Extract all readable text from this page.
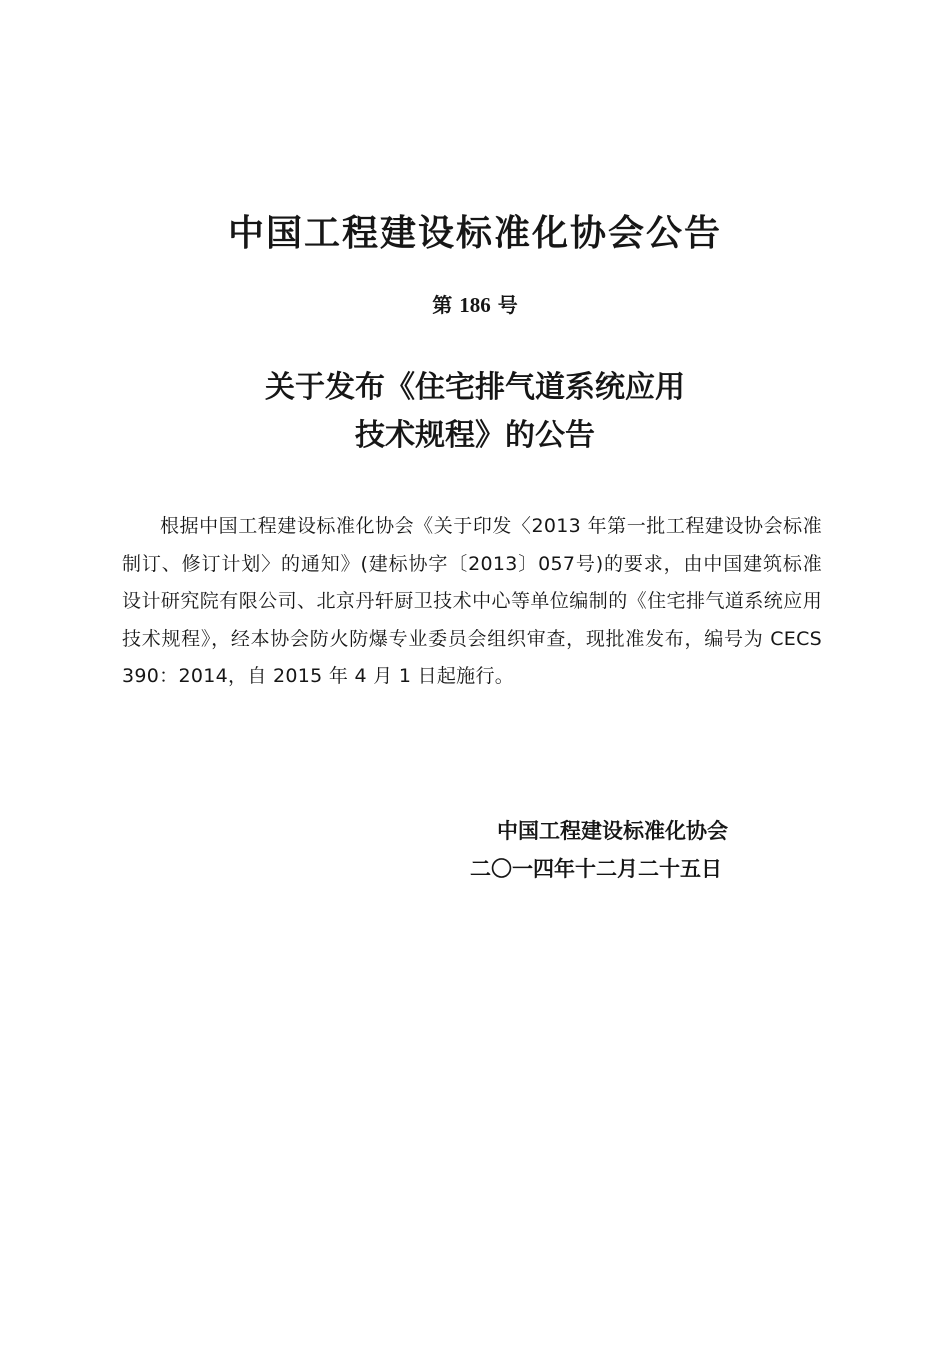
中国工程建设标准化协会公告
第 186 号
关于发布《住宅排气道系统应用
技术规程》的公告

根据中国工程建设标准化协会《关于印发〈2013 年第一批工程建设协会标准制订、修订计划〉的通知》(建标协字〔2013〕057号)的要求，由中国建筑标准设计研究院有限公司、北京丹轩厨卫技术中心等单位编制的《住宅排气道系统应用技术规程》，经本协会防火防爆专业委员会组织审查，现批准发布，编号为 CECS 390：2014，自 2015 年 4 月 1 日起施行。

中国工程建设标准化协会
二〇一四年十二月二十五日
